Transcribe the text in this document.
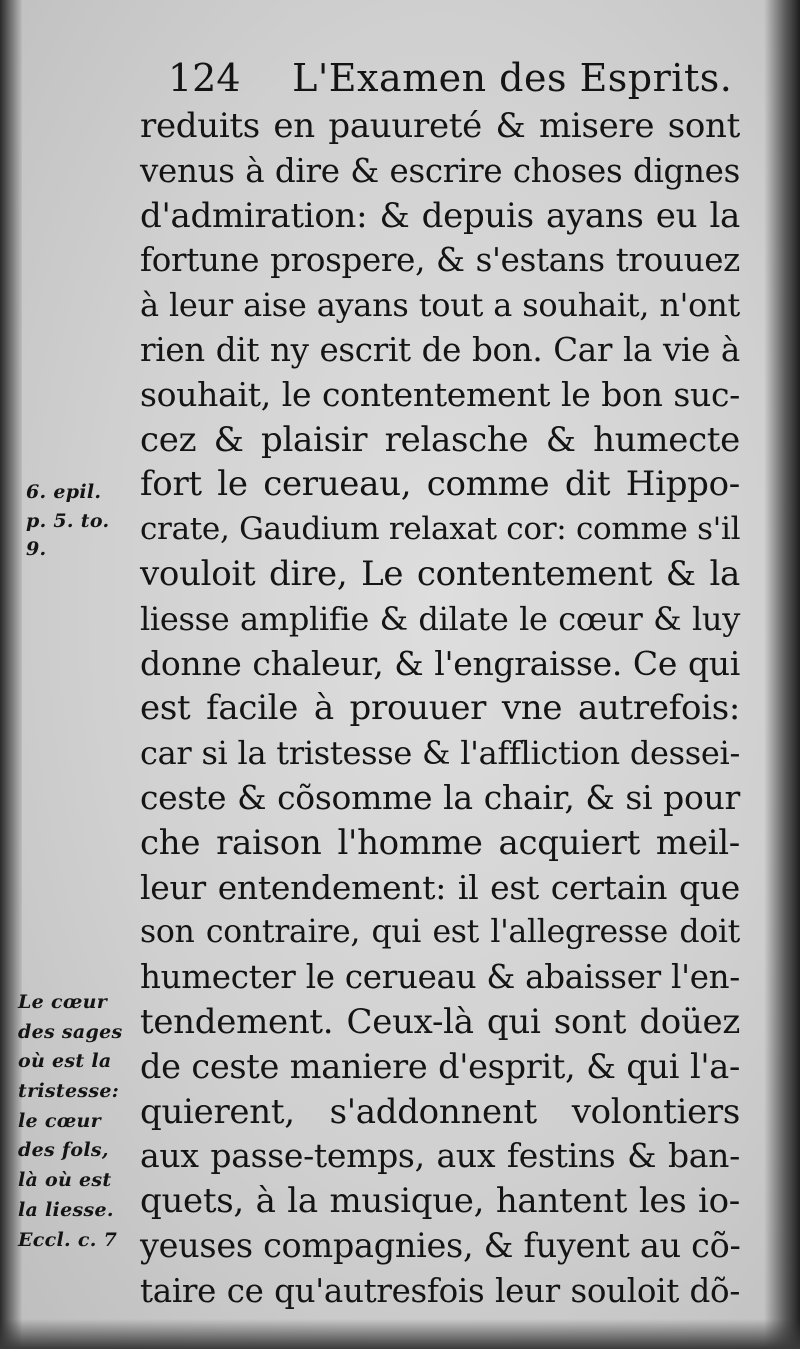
124 L'Examen des Esprits.
reduits en pauureté & misere sont
venus à dire & escrire choses dignes
d'admiration: & depuis ayans eu la
fortune prospere, & s'estans trouuez
à leur aise ayans tout a souhait, n'ont
rien dit ny escrit de bon. Car la vie à
souhait, le contentement le bon suc-
cez & plaisir relasche & humecte
fort le cerueau, comme dit Hippo-
crate, Gaudium relaxat cor: comme s'il
vouloit dire, Le contentement & la
liesse amplifie & dilate le cœur & luy
donne chaleur, & l'engraisse. Ce qui
est facile à prouuer vne autrefois:
car si la tristesse & l'affliction dessei-
ceste & cõsomme la chair, & si pour
che raison l'homme acquiert meil-
leur entendement: il est certain que
son contraire, qui est l'allegresse doit
humecter le cerueau & abaisser l'en-
tendement. Ceux-là qui sont doüez
de ceste maniere d'esprit, & qui l'a-
quierent, s'addonnent volontiers
aux passe-temps, aux festins & ban-
quets, à la musique, hantent les io-
yeuses compagnies, & fuyent au cõ-
taire ce qu'autresfois leur souloit dõ-
6. epil.
p. 5. to.
9.
Le cœur
des sages
où est la
tristesse:
le cœur
des fols,
là où est
la liesse.
Eccl. c. 7
